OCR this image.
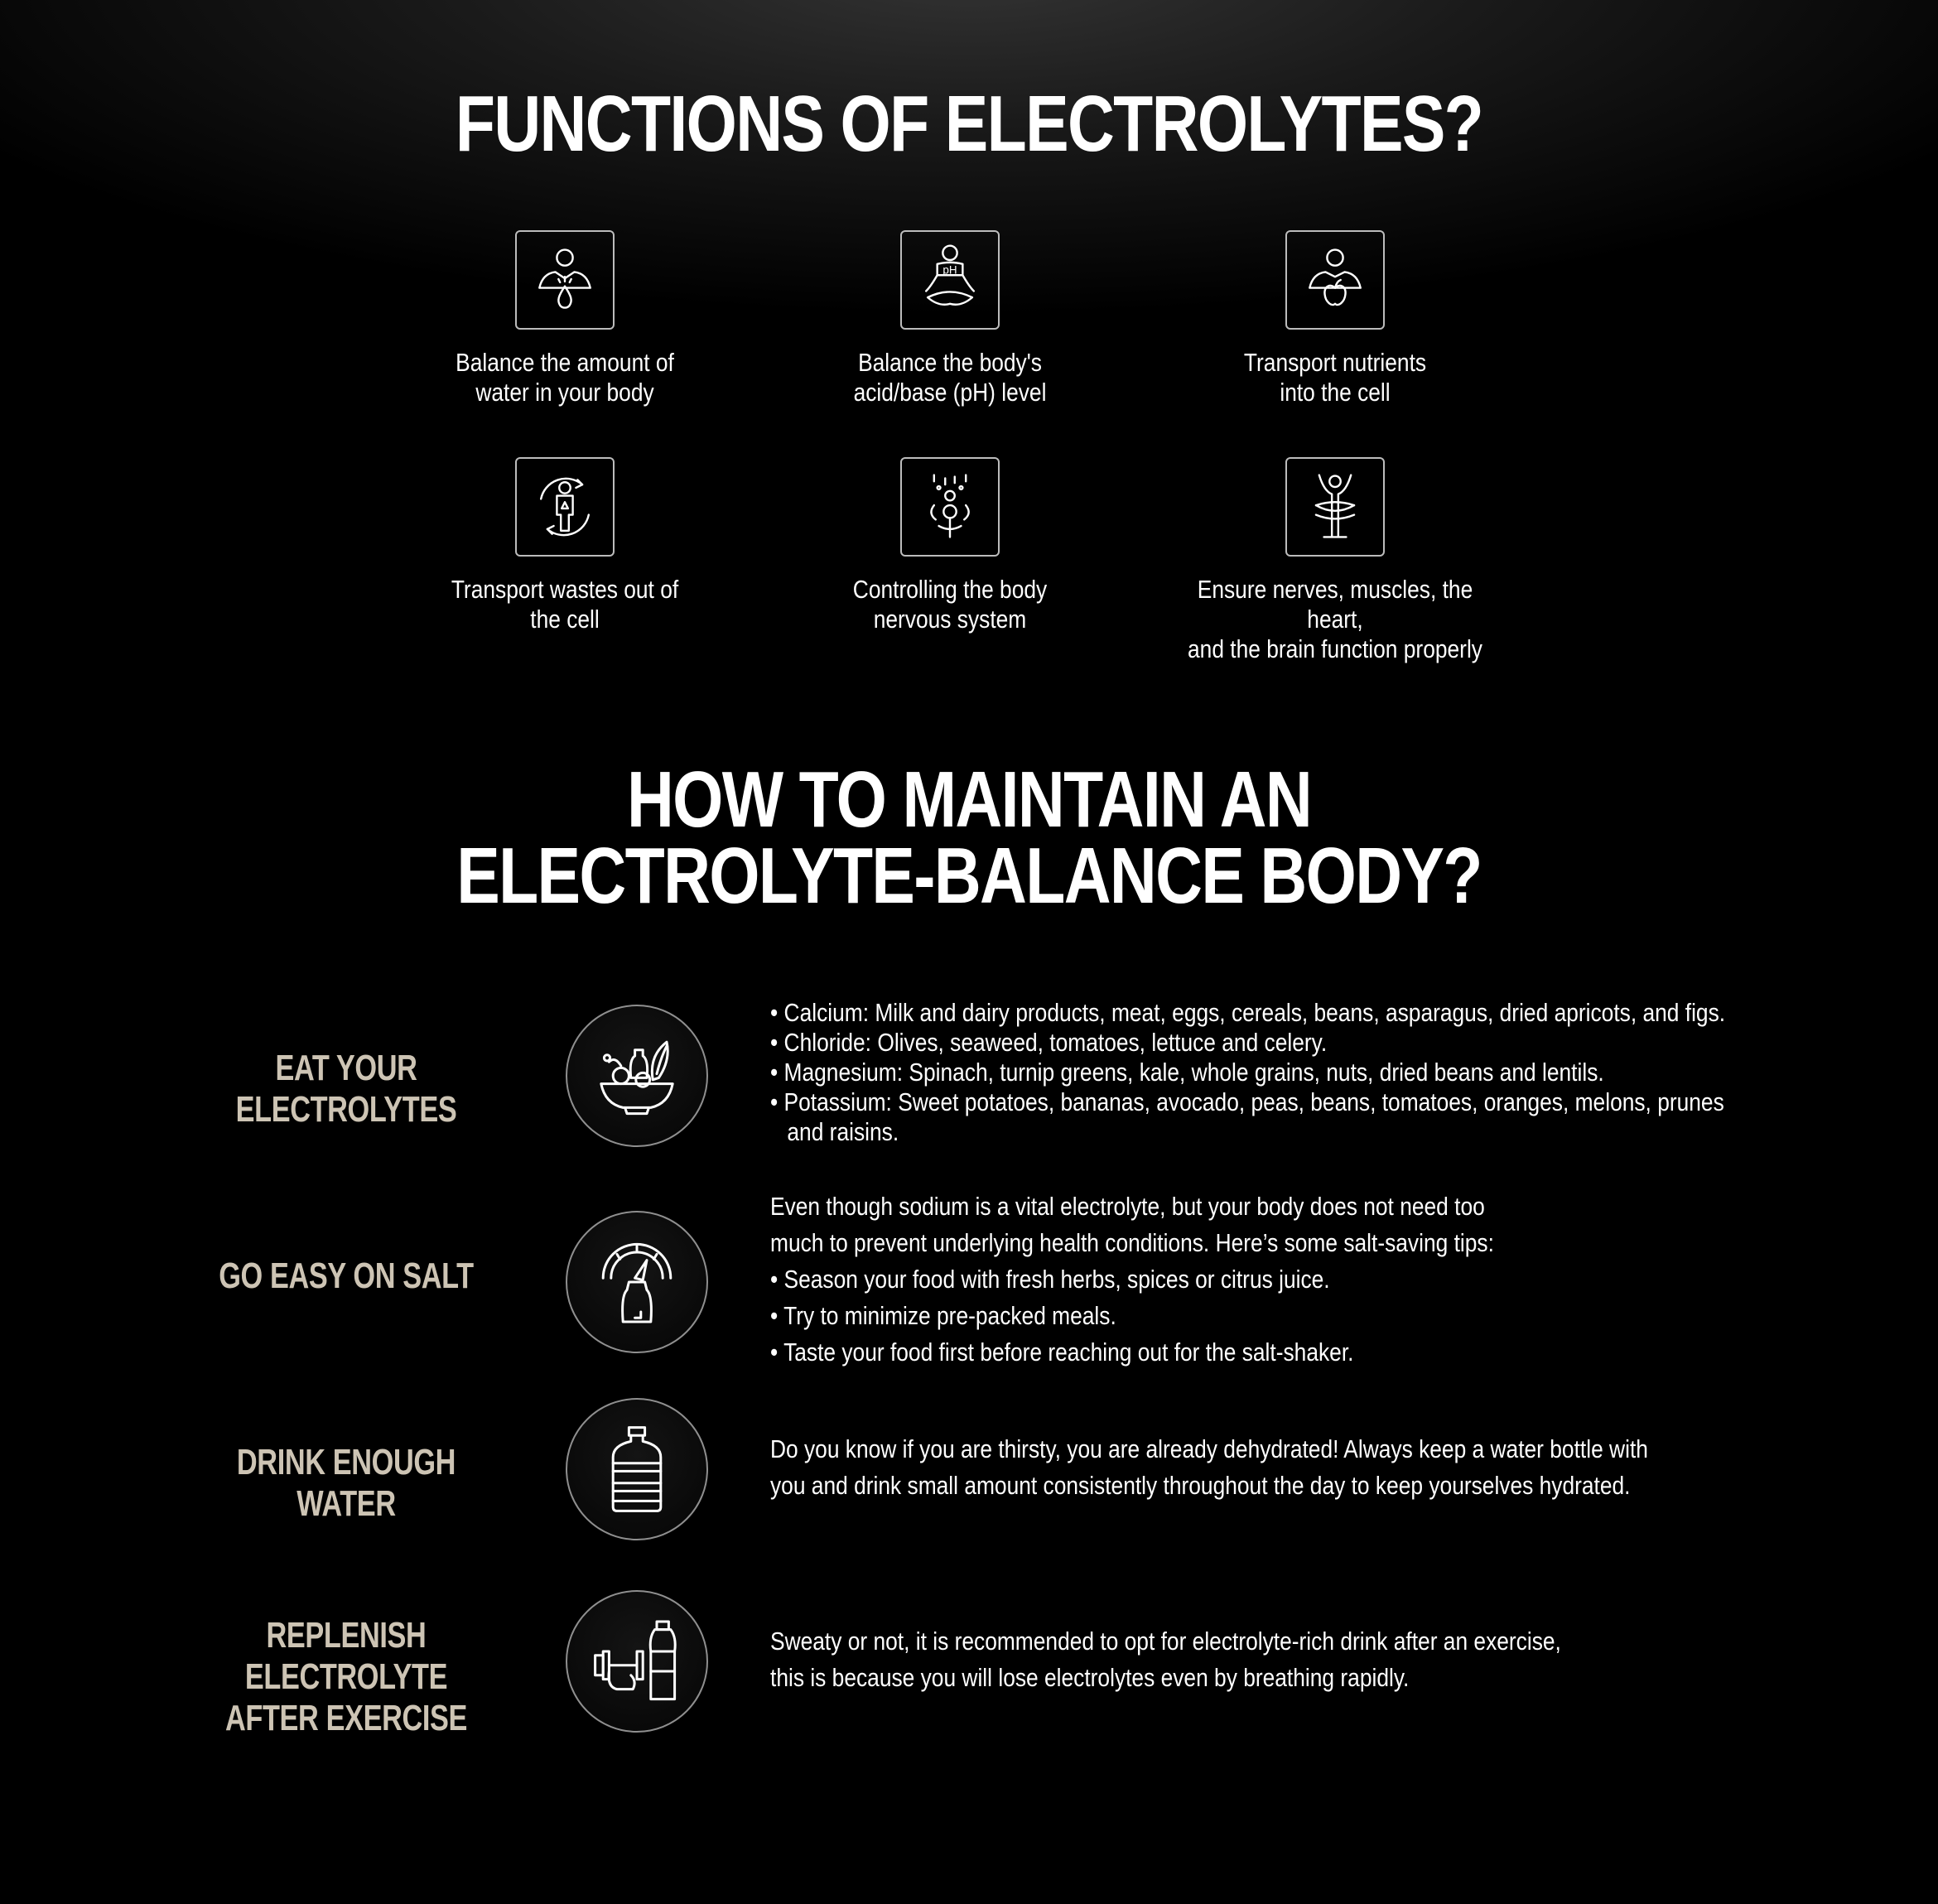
FUNCTIONS OF ELECTROLYTES?
Balance the amount of
water in your body
pH
Balance the body's
acid/base (pH) level
Transport nutrients
into the cell
Transport wastes out of
the cell
Controlling the body
nervous system
Ensure nerves, muscles, the heart,
and the brain function properly
HOW TO MAINTAIN AN
ELECTROLYTE-BALANCE BODY?
EAT YOUR ELECTROLYTES
• Calcium: Milk and dairy products, meat, eggs, cereals, beans, asparagus, dried apricots, and figs.
• Chloride: Olives, seaweed, tomatoes, lettuce and celery.
• Magnesium: Spinach, turnip greens, kale, whole grains, nuts, dried beans and lentils.
• Potassium: Sweet potatoes, bananas, avocado, peas, beans, tomatoes, oranges, melons, prunes
and raisins.
GO EASY ON SALT
Even though sodium is a vital electrolyte, but your body does not need too
much to prevent underlying health conditions. Here’s some salt-saving tips:
• Season your food with fresh herbs, spices or citrus juice.
• Try to minimize pre-packed meals.
• Taste your food first before reaching out for the salt-shaker.
DRINK ENOUGH WATER
Do you know if you are thirsty, you are already dehydrated! Always keep a water bottle with
you and drink small amount consistently throughout the day to keep yourselves hydrated.
REPLENISH ELECTROLYTE
AFTER EXERCISE
Sweaty or not, it is recommended to opt for electrolyte-rich drink after an exercise,
this is because you will lose electrolytes even by breathing rapidly.
